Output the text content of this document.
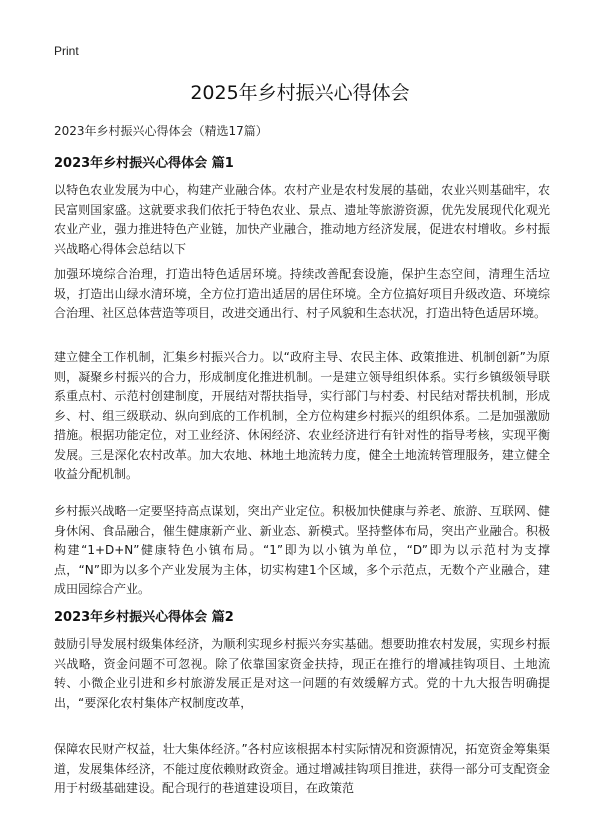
Print
2025年乡村振兴心得体会
2023年乡村振兴心得体会（精选17篇）
2023年乡村振兴心得体会 篇1
以特色农业发展为中心，构建产业融合体。农村产业是农村发展的基础，农业兴则基础牢，农民富则国家盛。这就要求我们依托于特色农业、景点、遗址等旅游资源，优先发展现代化观光农业产业，强力推进特色产业链，加快产业融合，推动地方经济发展，促进农村增收。乡村振兴战略心得体会总结以下
加强环境综合治理，打造出特色适居环境。持续改善配套设施，保护生态空间，清理生活垃圾，打造出山绿水清环境，全方位打造出适居的居住环境。全方位搞好项目升级改造、环境综合治理、社区总体营造等项目，改进交通出行、村子风貌和生态状况，打造出特色适居环境。
建立健全工作机制，汇集乡村振兴合力。以“政府主导、农民主体、政策推进、机制创新”为原则，凝聚乡村振兴的合力，形成制度化推进机制。一是建立领导组织体系。实行乡镇级领导联系重点村、示范村创建制度，开展结对帮扶指导，实行部门与村委、村民结对帮扶机制，形成乡、村、组三级联动、纵向到底的工作机制，全方位构建乡村振兴的组织体系。二是加强激励措施。根据功能定位，对工业经济、休闲经济、农业经济进行有针对性的指导考核，实现平衡发展。三是深化农村改革。加大农地、林地土地流转力度，健全土地流转管理服务，建立健全收益分配机制。
乡村振兴战略一定要坚持高点谋划，突出产业定位。积极加快健康与养老、旅游、互联网、健身休闲、食品融合，催生健康新产业、新业态、新模式。坚持整体布局，突出产业融合。积极构建“1+D+N”健康特色小镇布局。“1”即为以小镇为单位，“D”即为以示范村为支撑点，“N”即为以多个产业发展为主体，切实构建1个区域，多个示范点，无数个产业融合，建成田园综合产业。
2023年乡村振兴心得体会 篇2
鼓励引导发展村级集体经济，为顺利实现乡村振兴夯实基础。想要助推农村发展，实现乡村振兴战略，资金问题不可忽视。除了依靠国家资金扶持，现正在推行的增减挂钩项目、土地流转、小微企业引进和乡村旅游发展正是对这一问题的有效缓解方式。党的十九大报告明确提出，“要深化农村集体产权制度改革，
保障农民财产权益，壮大集体经济。”各村应该根据本村实际情况和资源情况，拓宽资金筹集渠道，发展集体经济，不能过度依赖财政资金。通过增减挂钩项目推进，获得一部分可支配资金用于村级基础建设。配合现行的巷道建设项目，在政策范
